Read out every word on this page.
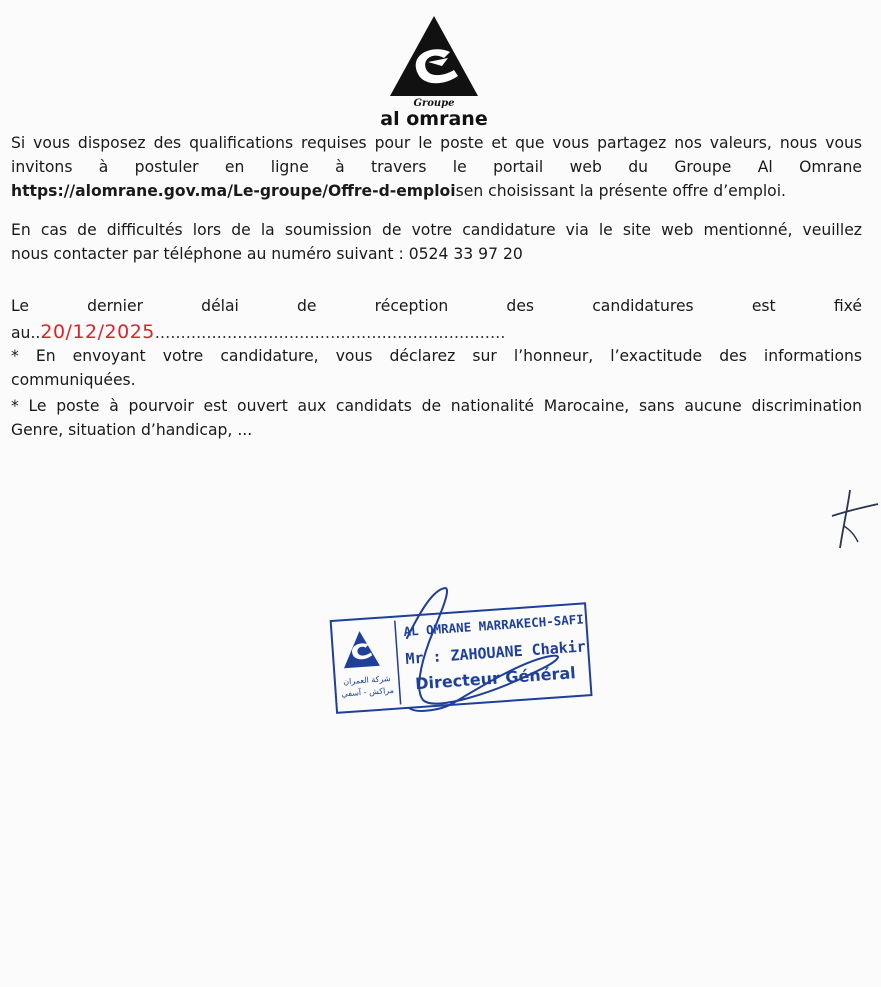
Groupe
al omrane
Si vous disposez des qualifications requises pour le poste et que vous partagez nos valeurs, nous vous
invitons à postuler en ligne à travers le portail web du Groupe Al Omrane
https://alomrane.gov.ma/Le-groupe/Offre-d-emploisen choisissant la présente offre d’emploi.
En cas de difficultés lors de la soumission de votre candidature via le site web mentionné, veuillez
nous contacter par téléphone au numéro suivant : 0524 33 97 20
Le dernier délai de réception des candidatures est fixé
au..20/12/2025....................................................................
* En envoyant votre candidature, vous déclarez sur l’honneur, l’exactitude des informations
communiquées.
* Le poste à pourvoir est ouvert aux candidats de nationalité Marocaine, sans aucune discrimination
Genre, situation d’handicap, ...
شركة العمران
مراكش - آسفي
AL OMRANE MARRAKECH-SAFI
Mr : ZAHOUANE Chakir
Directeur Général
